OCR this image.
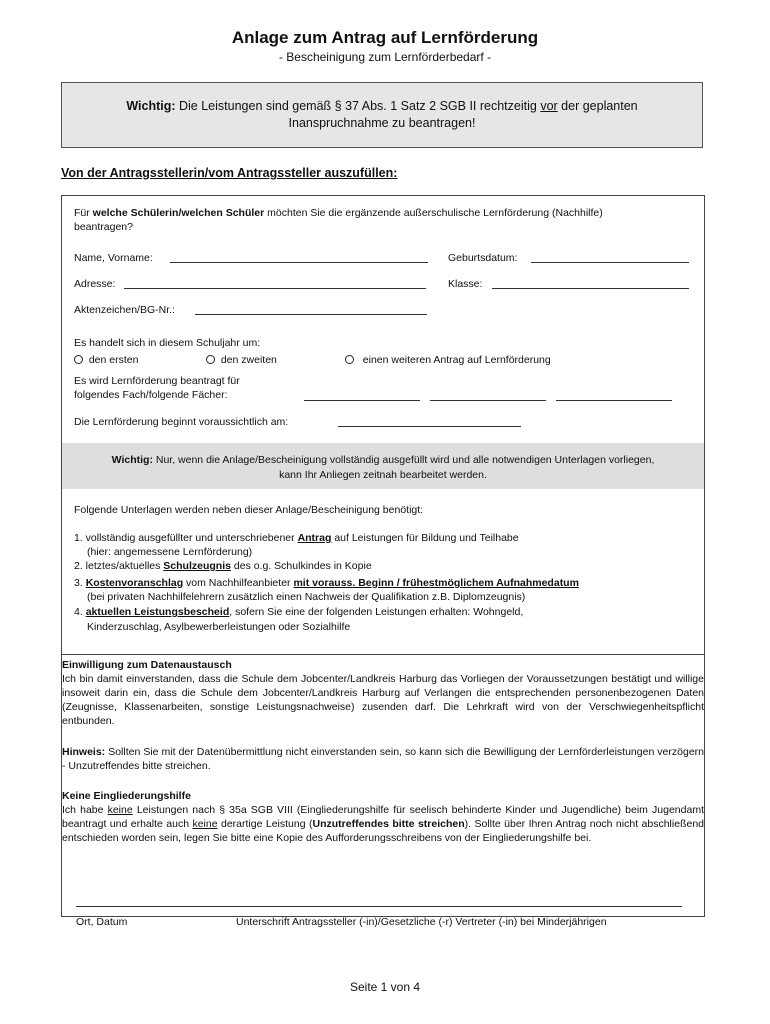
Anlage zum Antrag auf Lernförderung
- Bescheinigung zum Lernförderbedarf -
Wichtig: Die Leistungen sind gemäß § 37 Abs. 1 Satz 2 SGB II rechtzeitig vor der geplanten
Inanspruchnahme zu beantragen!
Von der Antragsstellerin/vom Antragssteller auszufüllen:
Für welche Schülerin/welchen Schüler möchten Sie die ergänzende außerschulische Lernförderung (Nachhilfe)
beantragen?
Name, Vorname:	Geburtsdatum:
Adresse:	Klasse:
Aktenzeichen/BG-Nr.:
Es handelt sich in diesem Schuljahr um:
den ersten	den zweiten	einen weiteren Antrag auf Lernförderung
Es wird Lernförderung beantragt für
folgendes Fach/folgende Fächer:
Die Lernförderung beginnt voraussichtlich am:
Wichtig: Nur, wenn die Anlage/Bescheinigung vollständig ausgefüllt wird und alle notwendigen Unterlagen vorliegen,
kann Ihr Anliegen zeitnah bearbeitet werden.
Folgende Unterlagen werden neben dieser Anlage/Bescheinigung benötigt:
1. vollständig ausgefüllter und unterschriebener Antrag auf Leistungen für Bildung und Teilhabe
(hier: angemessene Lernförderung)
2. letztes/aktuelles Schulzeugnis des o.g. Schulkindes in Kopie
3. Kostenvoranschlag vom Nachhilfeanbieter mit vorauss. Beginn / frühestmöglichem Aufnahmedatum
(bei privaten Nachhilfelehrern zusätzlich einen Nachweis der Qualifikation z.B. Diplomzeugnis)
4. aktuellen Leistungsbescheid, sofern Sie eine der folgenden Leistungen erhalten: Wohngeld,
Kinderzuschlag, Asylbewerberleistungen oder Sozialhilfe
Einwilligung zum Datenaustausch
Ich bin damit einverstanden, dass die Schule dem Jobcenter/Landkreis Harburg das Vorliegen der Voraussetzungen bestätigt und willige insoweit darin ein, dass die Schule dem Jobcenter/Landkreis Harburg auf Verlangen die entsprechenden personenbezogenen Daten (Zeugnisse, Klassenarbeiten, sonstige Leistungsnachweise) zusenden darf. Die Lehrkraft wird von der Verschwiegenheitspflicht entbunden.
Hinweis: Sollten Sie mit der Datenübermittlung nicht einverstanden sein, so kann sich die Bewilligung der Lernförderleistungen verzögern - Unzutreffendes bitte streichen.
Keine Eingliederungshilfe
Ich habe keine Leistungen nach § 35a SGB VIII (Eingliederungshilfe für seelisch behinderte Kinder und Jugendliche) beim Jugendamt beantragt und erhalte auch keine derartige Leistung (Unzutreffendes bitte streichen). Sollte über Ihren Antrag noch nicht abschließend entschieden worden sein, legen Sie bitte eine Kopie des Aufforderungsschreibens von der Eingliederungshilfe bei.
Ort, Datum	Unterschrift Antragssteller (-in)/Gesetzliche (-r) Vertreter (-in) bei Minderjährigen
Seite 1 von 4
